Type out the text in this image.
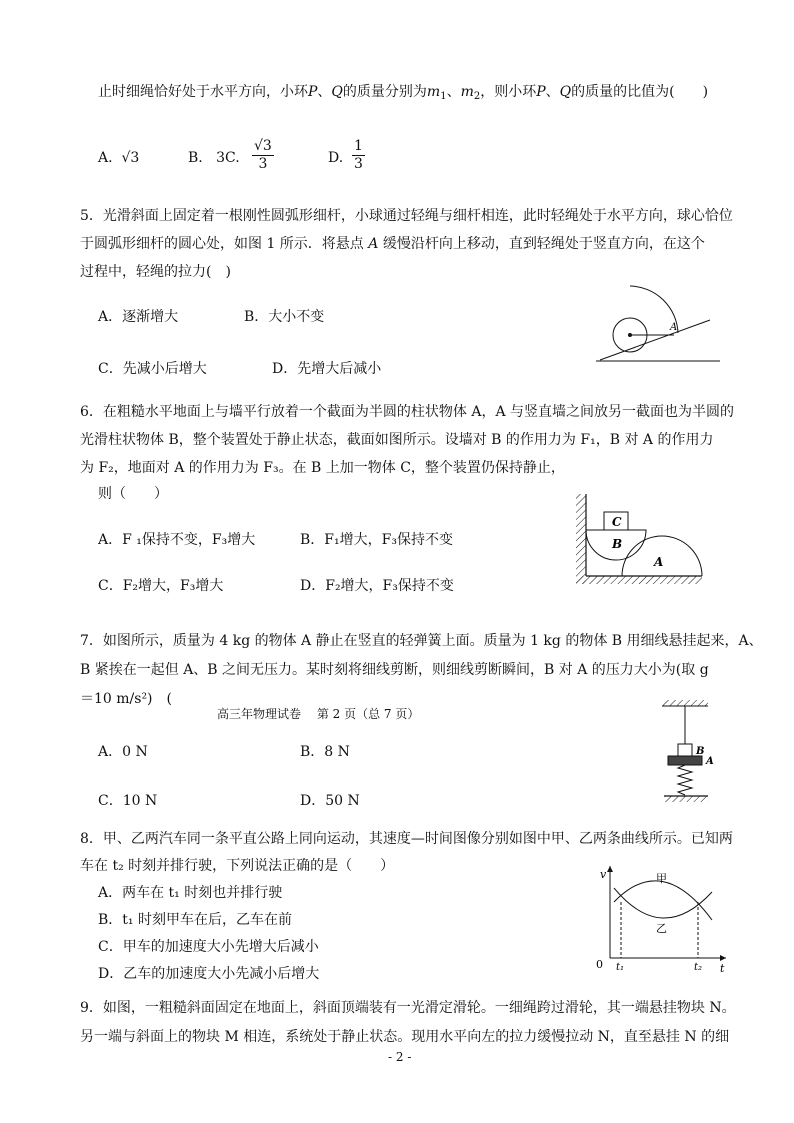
止时细绳恰好处于水平方向，小环P、Q的质量分别为$m_1$、$m_2$，则小环P、Q的质量的比值为(　　)
A. √3	B. 3C. $\frac{√3}{3}$	D. $\frac{1}{3}$
5．光滑斜面上固定着一根刚性圆弧形细杆，小球通过轻绳与细杆相连，此时轻绳处于水平方向，球心恰位
于圆弧形细杆的圆心处，如图 1 所示．将悬点 A 缓慢沿杆向上移动，直到轻绳处于竖直方向，在这个
过程中，轻绳的拉力(　)
A．逐渐增大	B．大小不变
C．先减小后增大	D．先增大后减小
A
6．在粗糙水平地面上与墙平行放着一个截面为半圆的柱状物体 A，A 与竖直墙之间放另一截面也为半圆的
光滑柱状物体 B，整个装置处于静止状态，截面如图所示。设墙对 B 的作用力为 F₁，B 对 A 的作用力
为 F₂，地面对 A 的作用力为 F₃。在 B 上加一物体 C，整个装置仍保持静止，
则（　　）
A．F ₁保持不变，F₃增大	B．F₁增大，F₃保持不变
C．F₂增大，F₃增大	D．F₂增大，F₃保持不变
C
B
A
7．如图所示，质量为 4 kg 的物体 A 静止在竖直的轻弹簧上面。质量为 1 kg 的物体 B 用细线悬挂起来，A、
B 紧挨在一起但 A、B 之间无压力。某时刻将细线剪断，则细线剪断瞬间，B 对 A 的压力大小为(取 g
＝10 m/s²)　(
高三年物理试卷　 第 2 页（总 7 页）
A．0 N	B．8 N
C．10 N	D．50 N
B
A
8．甲、乙两汽车同一条平直公路上同向运动，其速度—时间图像分别如图中甲、乙两条曲线所示。已知两
车在 t₂ 时刻并排行驶，下列说法正确的是（　　）
A．两车在 t₁ 时刻也并排行驶
B．t₁ 时刻甲车在后，乙车在前
C．甲车的加速度大小先增大后减小
D．乙车的加速度大小先减小后增大
v
t
0 t₁	t₂
甲
乙
9．如图，一粗糙斜面固定在地面上，斜面顶端装有一光滑定滑轮。一细绳跨过滑轮，其一端悬挂物块 N。
另一端与斜面上的物块 M 相连，系统处于静止状态。现用水平向左的拉力缓慢拉动 N，直至悬挂 N 的细
- 2 -
